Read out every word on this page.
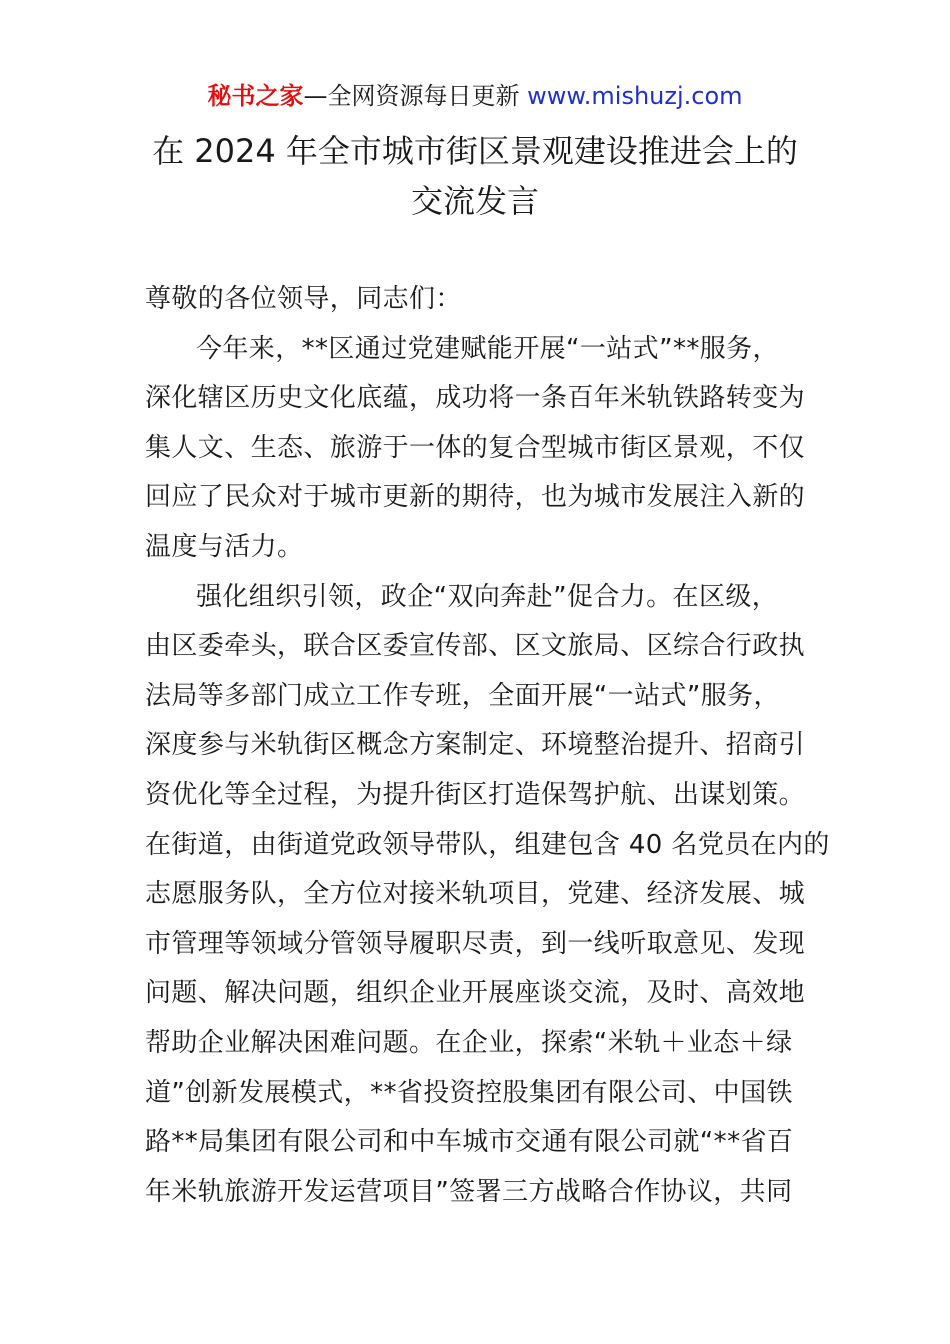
秘书之家—全网资源每日更新 www.mishuzj.com
在 2024 年全市城市街区景观建设推进会上的
交流发言
尊敬的各位领导，同志们：
今年来，**区通过党建赋能开展“一站式”**服务，
深化辖区历史文化底蕴，成功将一条百年米轨铁路转变为
集人文、生态、旅游于一体的复合型城市街区景观，不仅
回应了民众对于城市更新的期待，也为城市发展注入新的
温度与活力。
强化组织引领，政企“双向奔赴”促合力。在区级，
由区委牵头，联合区委宣传部、区文旅局、区综合行政执
法局等多部门成立工作专班，全面开展“一站式”服务，
深度参与米轨街区概念方案制定、环境整治提升、招商引
资优化等全过程，为提升街区打造保驾护航、出谋划策。
在街道，由街道党政领导带队，组建包含 40 名党员在内的
志愿服务队，全方位对接米轨项目，党建、经济发展、城
市管理等领域分管领导履职尽责，到一线听取意见、发现
问题、解决问题，组织企业开展座谈交流，及时、高效地
帮助企业解决困难问题。在企业，探索“米轨＋业态＋绿
道”创新发展模式，**省投资控股集团有限公司、中国铁
路**局集团有限公司和中车城市交通有限公司就“**省百
年米轨旅游开发运营项目”签署三方战略合作协议，共同
